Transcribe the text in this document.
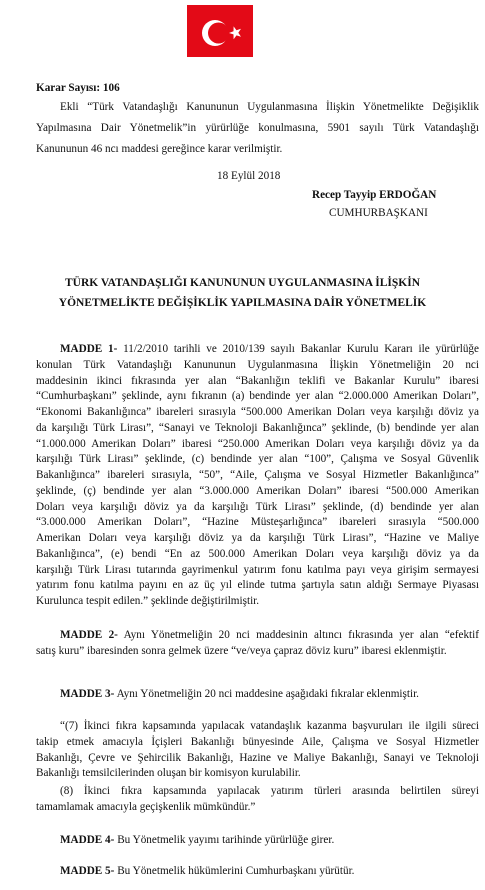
Karar Sayısı: 106
Ekli “Türk Vatandaşlığı Kanununun Uygulanmasına İlişkin Yönetmelikte Değişiklik
Yapılmasına Dair Yönetmelik”in yürürlüğe konulmasına, 5901 sayılı Türk Vatandaşlığı
Kanununun 46 ncı maddesi gereğince karar verilmiştir.
18 Eylül 2018
Recep Tayyip ERDOĞAN
CUMHURBAŞKANI
TÜRK VATANDAŞLIĞI KANUNUNUN UYGULANMASINA İLİŞKİN
YÖNETMELİKTE DEĞİŞİKLİK YAPILMASINA DAİR YÖNETMELİK
MADDE 1- 11/2/2010 tarihli ve 2010/139 sayılı Bakanlar Kurulu Kararı ile yürürlüğe
konulan Türk Vatandaşlığı Kanununun Uygulanmasına İlişkin Yönetmeliğin 20 nci
maddesinin ikinci fıkrasında yer alan “Bakanlığın teklifi ve Bakanlar Kurulu” ibaresi
“Cumhurbaşkanı” şeklinde, aynı fıkranın (a) bendinde yer alan “2.000.000 Amerikan Doları”,
“Ekonomi Bakanlığınca” ibareleri sırasıyla “500.000 Amerikan Doları veya karşılığı döviz ya
da karşılığı Türk Lirası”, “Sanayi ve Teknoloji Bakanlığınca” şeklinde, (b) bendinde yer alan
“1.000.000 Amerikan Doları” ibaresi “250.000 Amerikan Doları veya karşılığı döviz ya da
karşılığı Türk Lirası” şeklinde, (c) bendinde yer alan “100”, Çalışma ve Sosyal Güvenlik
Bakanlığınca” ibareleri sırasıyla, “50”, “Aile, Çalışma ve Sosyal Hizmetler Bakanlığınca”
şeklinde, (ç) bendinde yer alan “3.000.000 Amerikan Doları” ibaresi “500.000 Amerikan
Doları veya karşılığı döviz ya da karşılığı Türk Lirası” şeklinde, (d) bendinde yer alan
“3.000.000 Amerikan Doları”, “Hazine Müsteşarlığınca” ibareleri sırasıyla “500.000
Amerikan Doları veya karşılığı döviz ya da karşılığı Türk Lirası”, “Hazine ve Maliye
Bakanlığınca”, (e) bendi “En az 500.000 Amerikan Doları veya karşılığı döviz ya da
karşılığı Türk Lirası tutarında gayrimenkul yatırım fonu katılma payı veya girişim sermayesi
yatırım fonu katılma payını en az üç yıl elinde tutma şartıyla satın aldığı Sermaye Piyasası
Kurulunca tespit edilen.” şeklinde değiştirilmiştir.
MADDE 2- Aynı Yönetmeliğin 20 nci maddesinin altıncı fıkrasında yer alan “efektif
satış kuru” ibaresinden sonra gelmek üzere “ve/veya çapraz döviz kuru” ibaresi eklenmiştir.
MADDE 3- Aynı Yönetmeliğin 20 nci maddesine aşağıdaki fıkralar eklenmiştir.
“(7) İkinci fıkra kapsamında yapılacak vatandaşlık kazanma başvuruları ile ilgili süreci
takip etmek amacıyla İçişleri Bakanlığı bünyesinde Aile, Çalışma ve Sosyal Hizmetler
Bakanlığı, Çevre ve Şehircilik Bakanlığı, Hazine ve Maliye Bakanlığı, Sanayi ve Teknoloji
Bakanlığı temsilcilerinden oluşan bir komisyon kurulabilir.
(8) İkinci fıkra kapsamında yapılacak yatırım türleri arasında belirtilen süreyi
tamamlamak amacıyla geçişkenlik mümkündür.”
MADDE 4- Bu Yönetmelik yayımı tarihinde yürürlüğe girer.
MADDE 5- Bu Yönetmelik hükümlerini Cumhurbaşkanı yürütür.
